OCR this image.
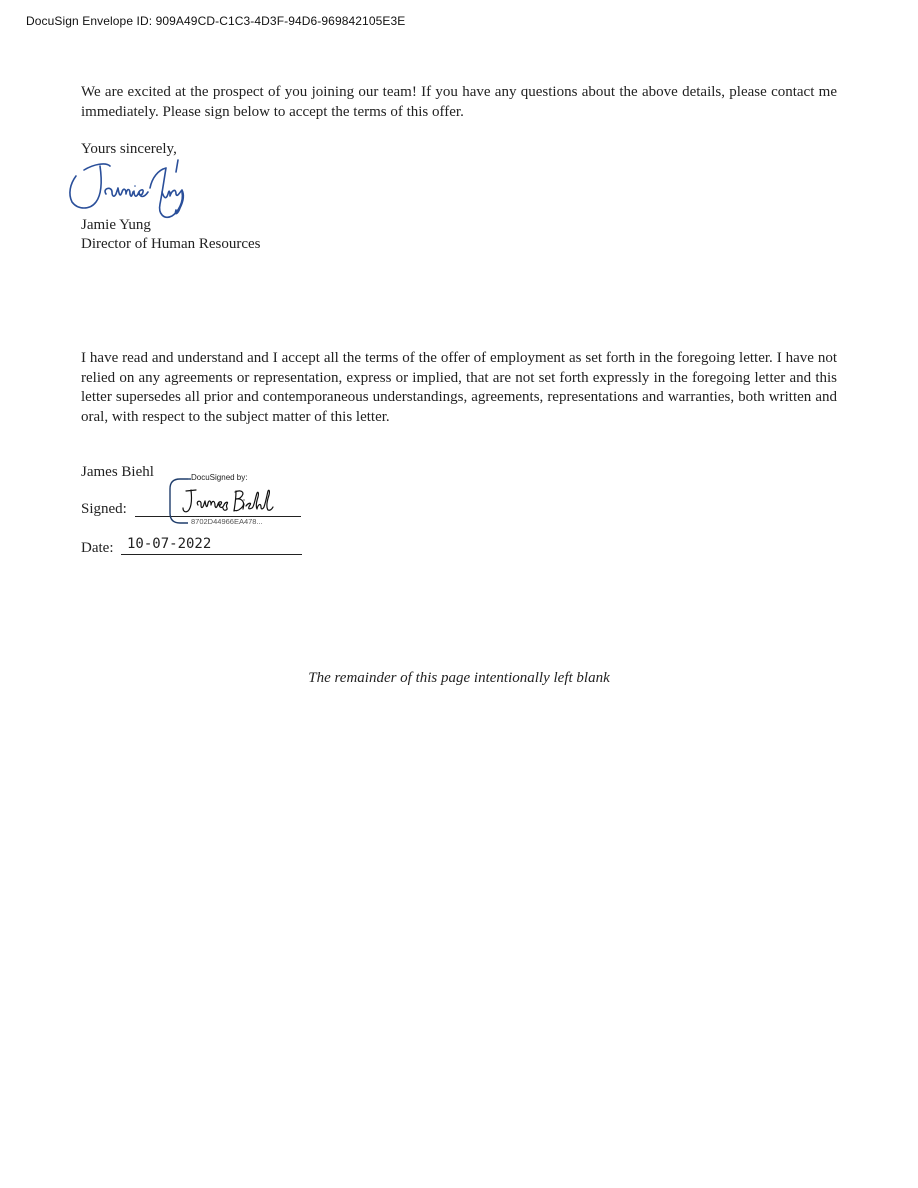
DocuSign Envelope ID: 909A49CD-C1C3-4D3F-94D6-969842105E3E

We are excited at the prospect of you joining our team! If you have any questions about the above details, please contact me immediately. Please sign below to accept the terms of this offer.

Yours sincerely,

Jamie Yung

Director of Human Resources

I have read and understand and I accept all the terms of the offer of employment as set forth in the foregoing letter. I have not relied on any agreements or representation, express or implied, that are not set forth expressly in the foregoing letter and this letter supersedes all prior and contemporaneous understandings, agreements, representations and warranties, both written and oral, with respect to the subject matter of this letter.

James Biehl

Signed:

DocuSigned by:
8702D44966EA478...

Date: 10-07-2022

The remainder of this page intentionally left blank
